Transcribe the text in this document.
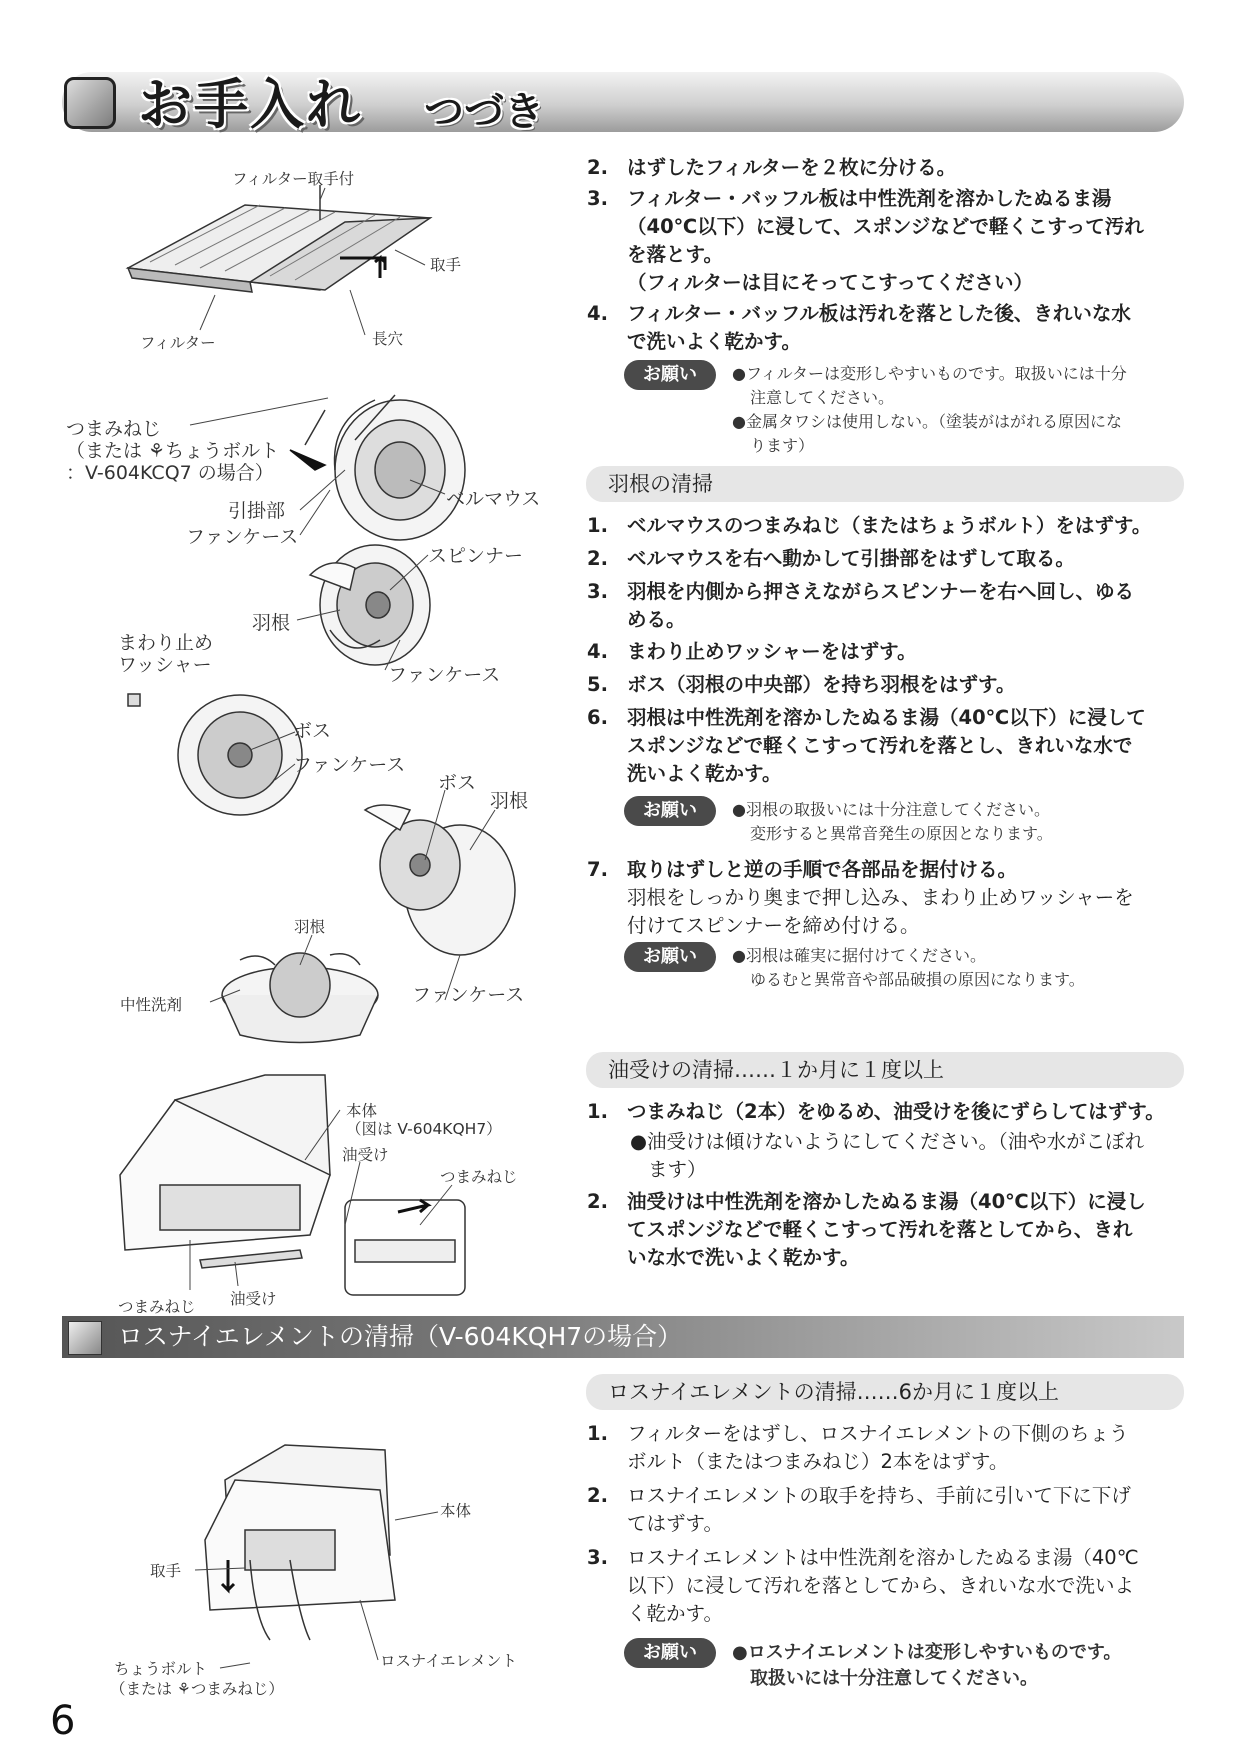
お手入れ つづき
フィルター取手付
取手
フィルター	長穴
つまみねじ
（または ⚘ちょうボルト
：V-604KCQ7 の場合）
引掛部
ベルマウス
ファンケース
スピンナー
羽根
まわり止め
ワッシャー	ファンケース
ボス
ファンケース
ボス
羽根
羽根
中性洗剤	ファンケース
本体
（図は V-604KQH7）
油受け
つまみねじ
つまみねじ 油受け
本体
取手
ちょうボルト
（または ⚘つまみねじ）
ロスナイエレメント
2. はずしたフィルターを２枚に分ける。
3. フィルター・バッフル板は中性洗剤を溶かしたぬるま湯
（40℃以下）に浸して、スポンジなどで軽くこすって汚れ
を落とす。
（フィルターは目にそってこすってください）
4. フィルター・バッフル板は汚れを落とした後、きれいな水
で洗いよく乾かす。
お願い	●フィルターは変形しやすいものです。取扱いには十分
注意してください。
●金属タワシは使用しない。（塗装がはがれる原因にな
ります）
羽根の清掃
1. ベルマウスのつまみねじ（またはちょうボルト）をはずす。
2. ベルマウスを右へ動かして引掛部をはずして取る。
3. 羽根を内側から押さえながらスピンナーを右へ回し、ゆる
める。
4. まわり止めワッシャーをはずす。
5. ボス（羽根の中央部）を持ち羽根をはずす。
6. 羽根は中性洗剤を溶かしたぬるま湯（40℃以下）に浸して
スポンジなどで軽くこすって汚れを落とし、きれいな水で
洗いよく乾かす。
お願い	●羽根の取扱いには十分注意してください。
変形すると異常音発生の原因となります。
7. 取りはずしと逆の手順で各部品を据付ける。
羽根をしっかり奥まで押し込み、まわり止めワッシャーを
付けてスピンナーを締め付ける。
お願い	●羽根は確実に据付けてください。
ゆるむと異常音や部品破損の原因になります。
油受けの清掃……１か月に１度以上
1. つまみねじ（2本）をゆるめ、油受けを後にずらしてはずす。
●油受けは傾けないようにしてください。（油や水がこぼれ
ます）
2. 油受けは中性洗剤を溶かしたぬるま湯（40℃以下）に浸し
てスポンジなどで軽くこすって汚れを落としてから、きれ
いな水で洗いよく乾かす。
ロスナイエレメントの清掃（V-604KQH7の場合）
ロスナイエレメントの清掃……6か月に１度以上
1. フィルターをはずし、ロスナイエレメントの下側のちょう
ボルト（またはつまみねじ）2本をはずす。
2. ロスナイエレメントの取手を持ち、手前に引いて下に下げ
てはずす。
3. ロスナイエレメントは中性洗剤を溶かしたぬるま湯（40℃
以下）に浸して汚れを落としてから、きれいな水で洗いよ
く乾かす。
お願い	●ロスナイエレメントは変形しやすいものです。
取扱いには十分注意してください。
6
